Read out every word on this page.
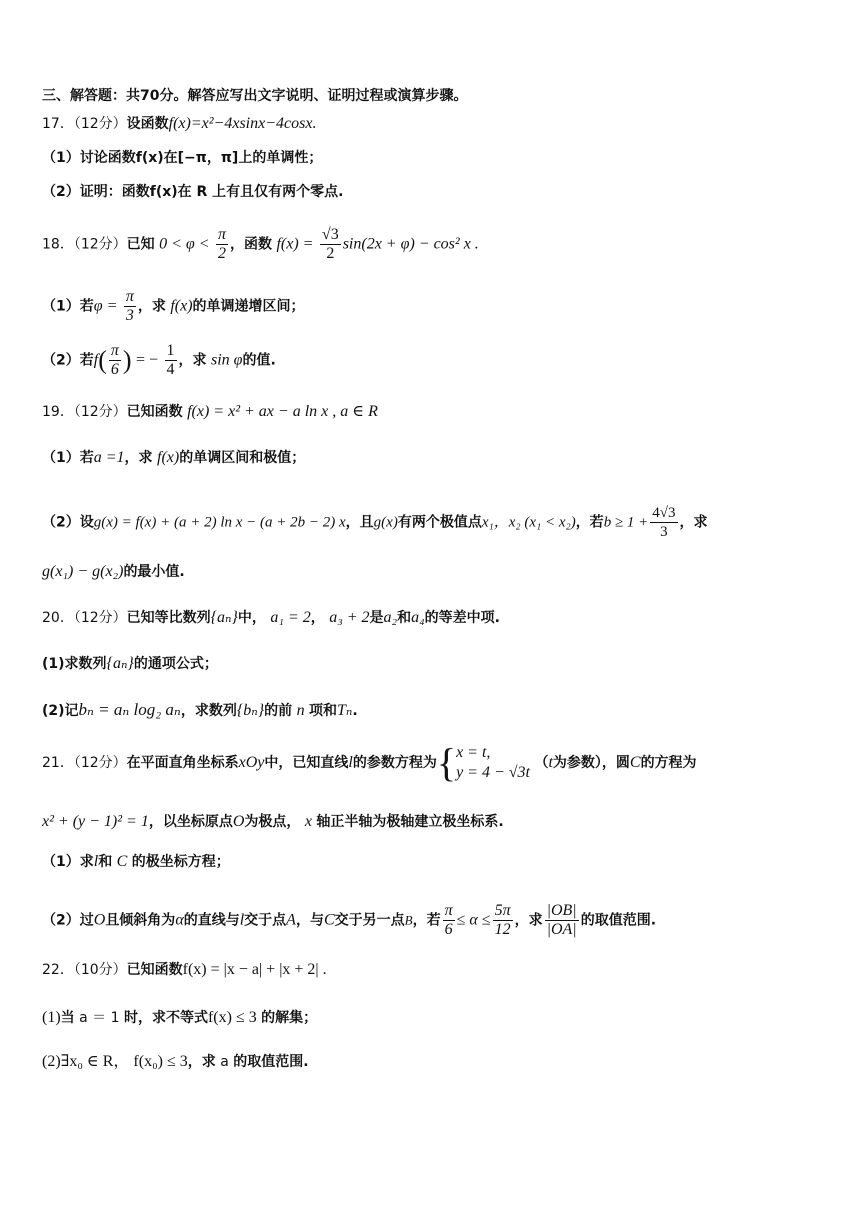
三、解答题：共70分。解答应写出文字说明、证明过程或演算步骤。
17．（12分）设函数f(x)=x²−4xsinx−4cosx.
（1）讨论函数f(x)在[−π，π]上的单调性；
（2）证明：函数f(x)在 R 上有且仅有两个零点.
18．（12分）已知 $0 < \varphi < \frac{\pi}{2}$ ，函数 $f(x) = \frac{√3}{2} \sin(2x + \varphi) - \cos^2$ x .
（1）若$\varphi = \frac{\pi}{3}$ ，求 f(x)的单调递增区间；
（2）若$f( \frac{\pi}{6}$ ) = − $\frac{1}{4}$ ，求 sin φ的值.
19．（12分）已知函数 f(x) = x² + ax − a ln x , a ∈ R
（1）若a =1，求 f(x)的单调区间和极值；
（2）设g(x) = f(x) + (a + 2) ln x − (a + 2b − 2) x，且g(x)有两个极值点x₁，x₂ (x₁ < x₂)，若$b \ge 1 + \frac{4√3}{3}$ ，求
g(x₁) − g(x₂)的最小值.
20．（12分）已知等比数列{aₙ}中， a₁ = 2， a₃ + 2是a₂和a₄的等差中项.
(1)求数列{aₙ}的通项公式；
(2)记bₙ = aₙ log₂ aₙ，求数列{bₙ}的前 n 项和Tₙ.
21．（12分）在平面直角坐标系xOy中，已知直线l的参数方程为{ x = t,
y = 4 − √3t
（t为参数），圆C的方程为
x² + (y − 1)² = 1，以坐标原点O为极点， x 轴正半轴为极轴建立极坐标系.
（1）求l和 C 的极坐标方程；
（2）过O且倾斜角为α的直线与l交于点A，与C交于另一点B，若 $\frac{\pi}{6} \le \alpha \le \frac{5\pi}{12}$ ，求 $\frac{|OB|}{|OA|}$ 的取值范围.
22．（10分）已知函数f(x) = |x − a| + |x + 2| .
(1)当 a ＝ 1 时，求不等式f(x) ≤ 3 的解集；
(2)∃x₀ ∈ R， f(x₀) ≤ 3，求 a 的取值范围.
